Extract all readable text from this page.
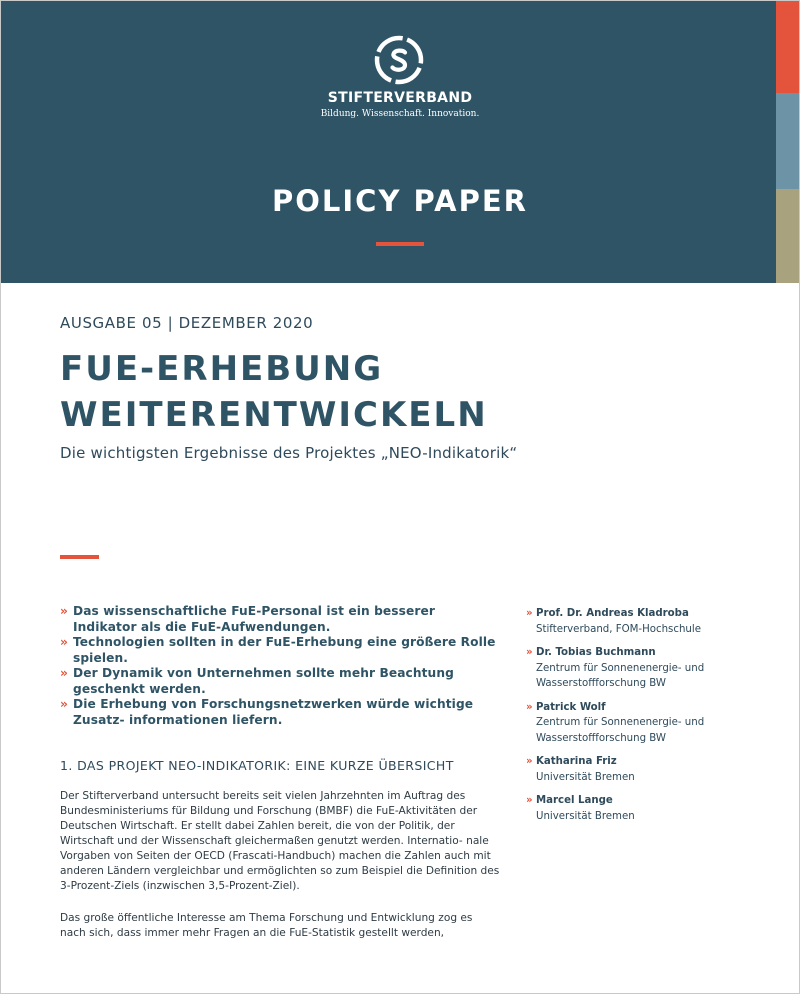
STIFTERVERBAND
Bildung. Wissenschaft. Innovation.
POLICY PAPER
AUSGABE 05 | DEZEMBER 2020
FUE-ERHEBUNG
WEITERENTWICKELN
Die wichtigsten Ergebnisse des Projektes „NEO-Indikatorik“
» Das wissenschaftliche FuE-Personal ist ein besserer Indikator als die FuE-Aufwendungen.
» Technologien sollten in der FuE-Erhebung eine größere Rolle spielen.
» Der Dynamik von Unternehmen sollte mehr Beachtung geschenkt werden.
» Die Erhebung von Forschungsnetzwerken würde wichtige Zusatz- informationen liefern.
1. DAS PROJEKT NEO-INDIKATORIK: EINE KURZE ÜBERSICHT

Der Stifterverband untersucht bereits seit vielen Jahrzehnten im Auftrag des Bundesministeriums für Bildung und Forschung (BMBF) die FuE-Aktivitäten der Deutschen Wirtschaft. Er stellt dabei Zahlen bereit, die von der Politik, der Wirtschaft und der Wissenschaft gleichermaßen genutzt werden. Internatio- nale Vorgaben von Seiten der OECD (Frascati-Handbuch) machen die Zahlen auch mit anderen Ländern vergleichbar und ermöglichten so zum Beispiel die Definition des 3-Prozent-Ziels (inzwischen 3,5-Prozent-Ziel).

Das große öffentliche Interesse am Thema Forschung und Entwicklung zog es nach sich, dass immer mehr Fragen an die FuE-Statistik gestellt werden,

» Prof. Dr. Andreas Kladroba
Stifterverband, FOM-Hochschule
» Dr. Tobias Buchmann
Zentrum für Sonnenenergie- und Wasserstoffforschung BW
» Patrick Wolf
Zentrum für Sonnenenergie- und Wasserstoffforschung BW
» Katharina Friz
Universität Bremen
» Marcel Lange
Universität Bremen
